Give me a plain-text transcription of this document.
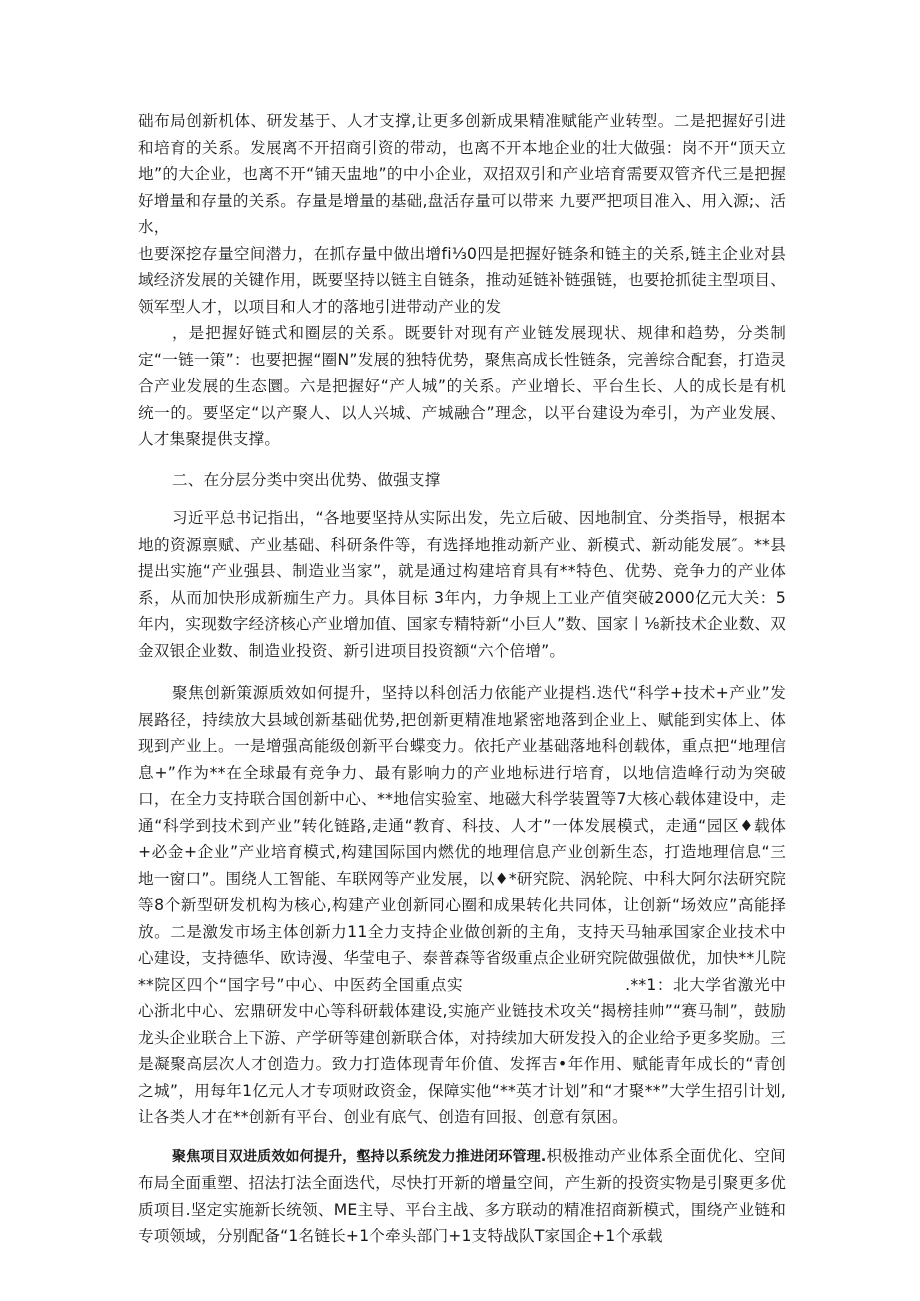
础布局创新机体、研发基于、人才支撑,让更多创新成果精准赋能产业转型。二是把握好引进和培育的关系。发展离不开招商引资的带动，也离不开本地企业的壮大做强：岗不开“顶天立地”的大企业，也离不开“铺天盅地”的中小企业，双招双引和产业培育需要双管齐代三是把握好增量和存量的关系。存量是增量的基础,盘活存量可以带来 九要严把项目准入、用入源;、活水，

也要深挖存量空间潜力，在抓存量中做出增fi⅓0四是把握好链条和链主的关系,链主企业对县域经济发展的关键作用，既要坚持以链主自链条，推动延链补链强链，也要抢抓徒主型项目、领军型人才，以项目和人才的落地引进带动产业的发

，是把握好链式和圈层的关系。既要针对现有产业链发展现状、规律和趋势，分类制定“一链一策”：也要把握“圈N”发展的独特优势，聚焦高成长性链条，完善综合配套，打造灵合产业发展的生态圜。六是把握好“产人城”的关系。产业增长、平台生长、人的成长是有机统一的。要坚定“以产聚人、以人兴城、产城融合”理念，以平台建设为牵引，为产业发展、人才集聚提供支撑。

二、在分层分类中突出优势、做强支撑

习近平总书记指出，“各地要坚持从实际出发，先立后破、因地制宜、分类指导，根据本地的资源禀赋、产业基础、科研条件等，有选择地推动新产业、新模式、新动能发展″。**县提出实施“产业强县、制造业当家”，就是通过构建培育具有**特色、优势、竞争力的产业体系，从而加快形成新痂生产力。具体目标 3年内，力争规上工业产值突破2000亿元大关：5年内，实现数字经济核心产业增加值、国家专精特新“小巨人”数、国家丨⅛新技术企业数、双金双银企业数、制造业投资、新引进项目投资额“六个倍增”。

聚焦创新策源质效如何提升，坚持以科创活力依能产业提档.迭代“科学+技术+产业”发展路径，持续放大县域创新基础优势,把创新更精准地紧密地落到企业上、赋能到实体上、体现到产业上。一是增强高能级创新平台蝶变力。依托产业基础落地科创载体，重点把“地理信息+”作为**在全球最有竞争力、最有影响力的产业地标进行培育，以地信造峰行动为突破口，在全力支持联合国创新中心、**地信实验室、地磁大科学装置等7大核心载体建设中，走通“科学到技术到产业”转化链路,走通“教育、科技、人才”一体发展模式，走通“园区♦载体+必金+企业”产业培育模式,构建国际国内燃优的地理信息产业创新生态，打造地理信息“三地一窗口”。围绕人工智能、车联网等产业发展，以♦*研究院、涡轮院、中科大阿尔法研究院等8个新型研发机构为核心,构建产业创新同心圈和成果转化共同体，让创新“场效应”高能择放。二是激发市场主体创新力11全力支持企业做创新的主角，支持天马轴承国家企业技术中心建设，支持德华、欧诗漫、华莹电子、泰普森等省级重点企业研究院做强做优，加快**儿院**院区四个“国字号”中心、中医药全国重点实　　　　　　　　　　.**1：北大学省激光中心浙北中心、宏鼎研发中心等科研载体建设,实施产业链技术攻关“揭榜挂帅”“赛马制”，鼓励龙头企业联合上下游、产学研等建创新联合体，对持续加大研发投入的企业给予更多奖励。三是凝聚高层次人才创造力。致力打造体现青年价值、发挥吉•年作用、赋能青年成长的“青创之城”，用每年1亿元人才专项财政资金，保障实他“**英才计划”和“才聚**”大学生招引计划,让各类人才在**创新有平台、创业有底气、创造有回报、创意有氛困。

聚焦项目双进质效如何提升，壑持以系统发力推进闭环管理.枳极推动产业体系全面优化、空间布局全面重塑、招法打法全面迭代，尽快打开新的增量空间，产生新的投资实物是引聚更多优质项目.坚定实施新长统领、ME主导、平台主战、多方联动的精准招商新模式，围绕产业链和专项领域，分别配备“1名链长+1个牵头部门+1支特战队T家国企+1个承载
